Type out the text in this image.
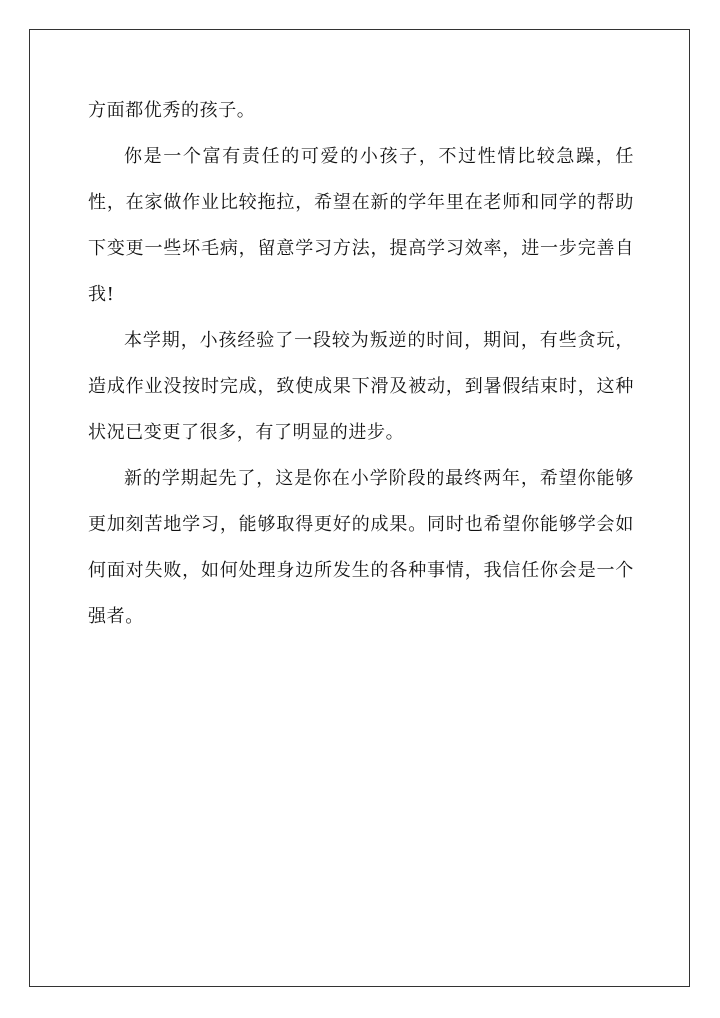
方面都优秀的孩子。

你是一个富有责任的可爱的小孩子，不过性情比较急躁，任性，在家做作业比较拖拉，希望在新的学年里在老师和同学的帮助下变更一些坏毛病，留意学习方法，提高学习效率，进一步完善自我!

本学期，小孩经验了一段较为叛逆的时间，期间，有些贪玩，造成作业没按时完成，致使成果下滑及被动，到暑假结束时，这种状况已变更了很多，有了明显的进步。

新的学期起先了，这是你在小学阶段的最终两年，希望你能够更加刻苦地学习，能够取得更好的成果。同时也希望你能够学会如何面对失败，如何处理身边所发生的各种事情，我信任你会是一个强者。
